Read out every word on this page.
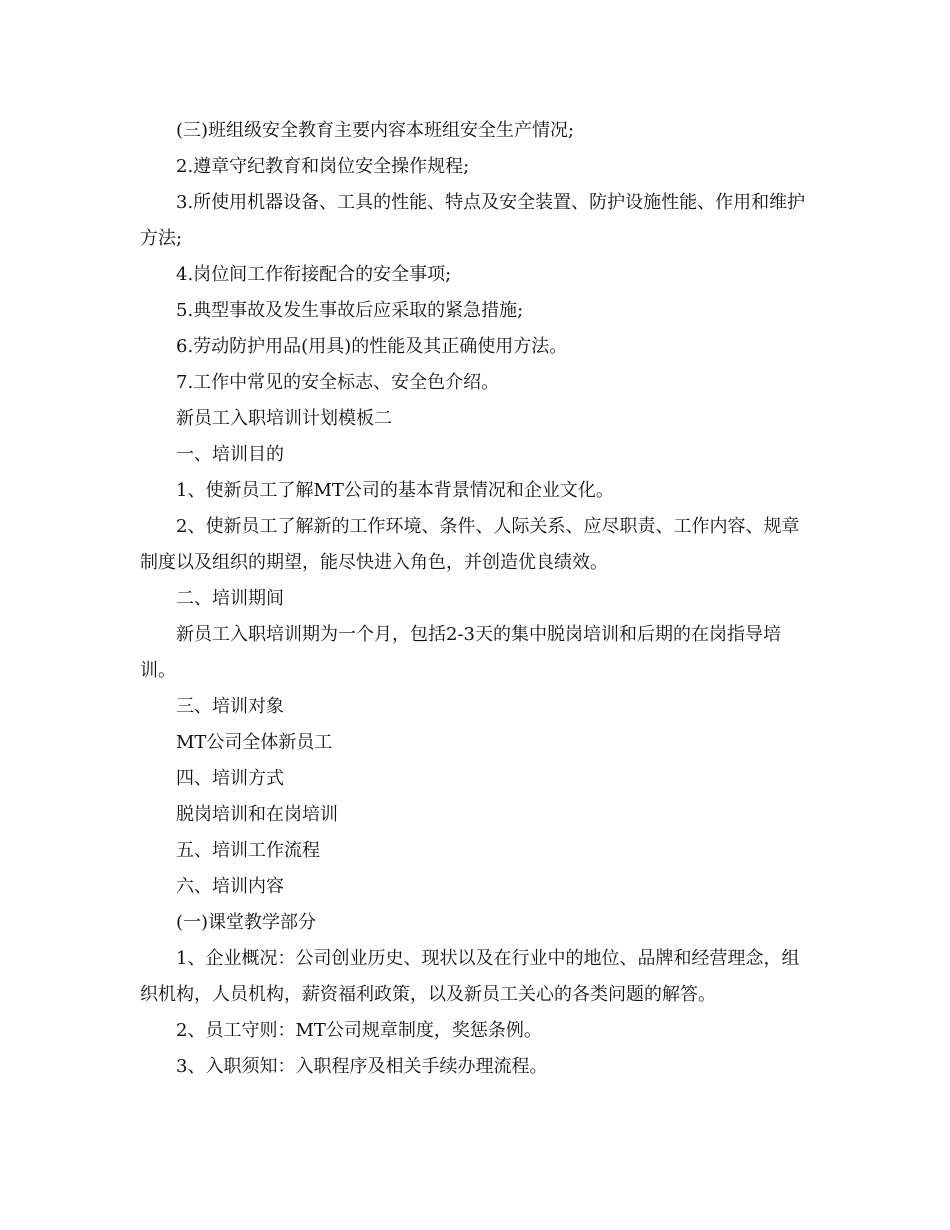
(三)班组级安全教育主要内容本班组安全生产情况;

2.遵章守纪教育和岗位安全操作规程;

3.所使用机器设备、工具的性能、特点及安全装置、防护设施性能、作用和维护方法;

4.岗位间工作衔接配合的安全事项;

5.典型事故及发生事故后应采取的紧急措施;

6.劳动防护用品(用具)的性能及其正确使用方法。

7.工作中常见的安全标志、安全色介绍。

新员工入职培训计划模板二

一、培训目的

1、使新员工了解MT公司的基本背景情况和企业文化。

2、使新员工了解新的工作环境、条件、人际关系、应尽职责、工作内容、规章制度以及组织的期望，能尽快进入角色，并创造优良绩效。

二、培训期间

新员工入职培训期为一个月，包括2-3天的集中脱岗培训和后期的在岗指导培训。

三、培训对象

MT公司全体新员工

四、培训方式

脱岗培训和在岗培训

五、培训工作流程

六、培训内容

(一)课堂教学部分

1、企业概况：公司创业历史、现状以及在行业中的地位、品牌和经营理念，组织机构，人员机构，薪资福利政策，以及新员工关心的各类问题的解答。

2、员工守则：MT公司规章制度，奖惩条例。

3、入职须知：入职程序及相关手续办理流程。
